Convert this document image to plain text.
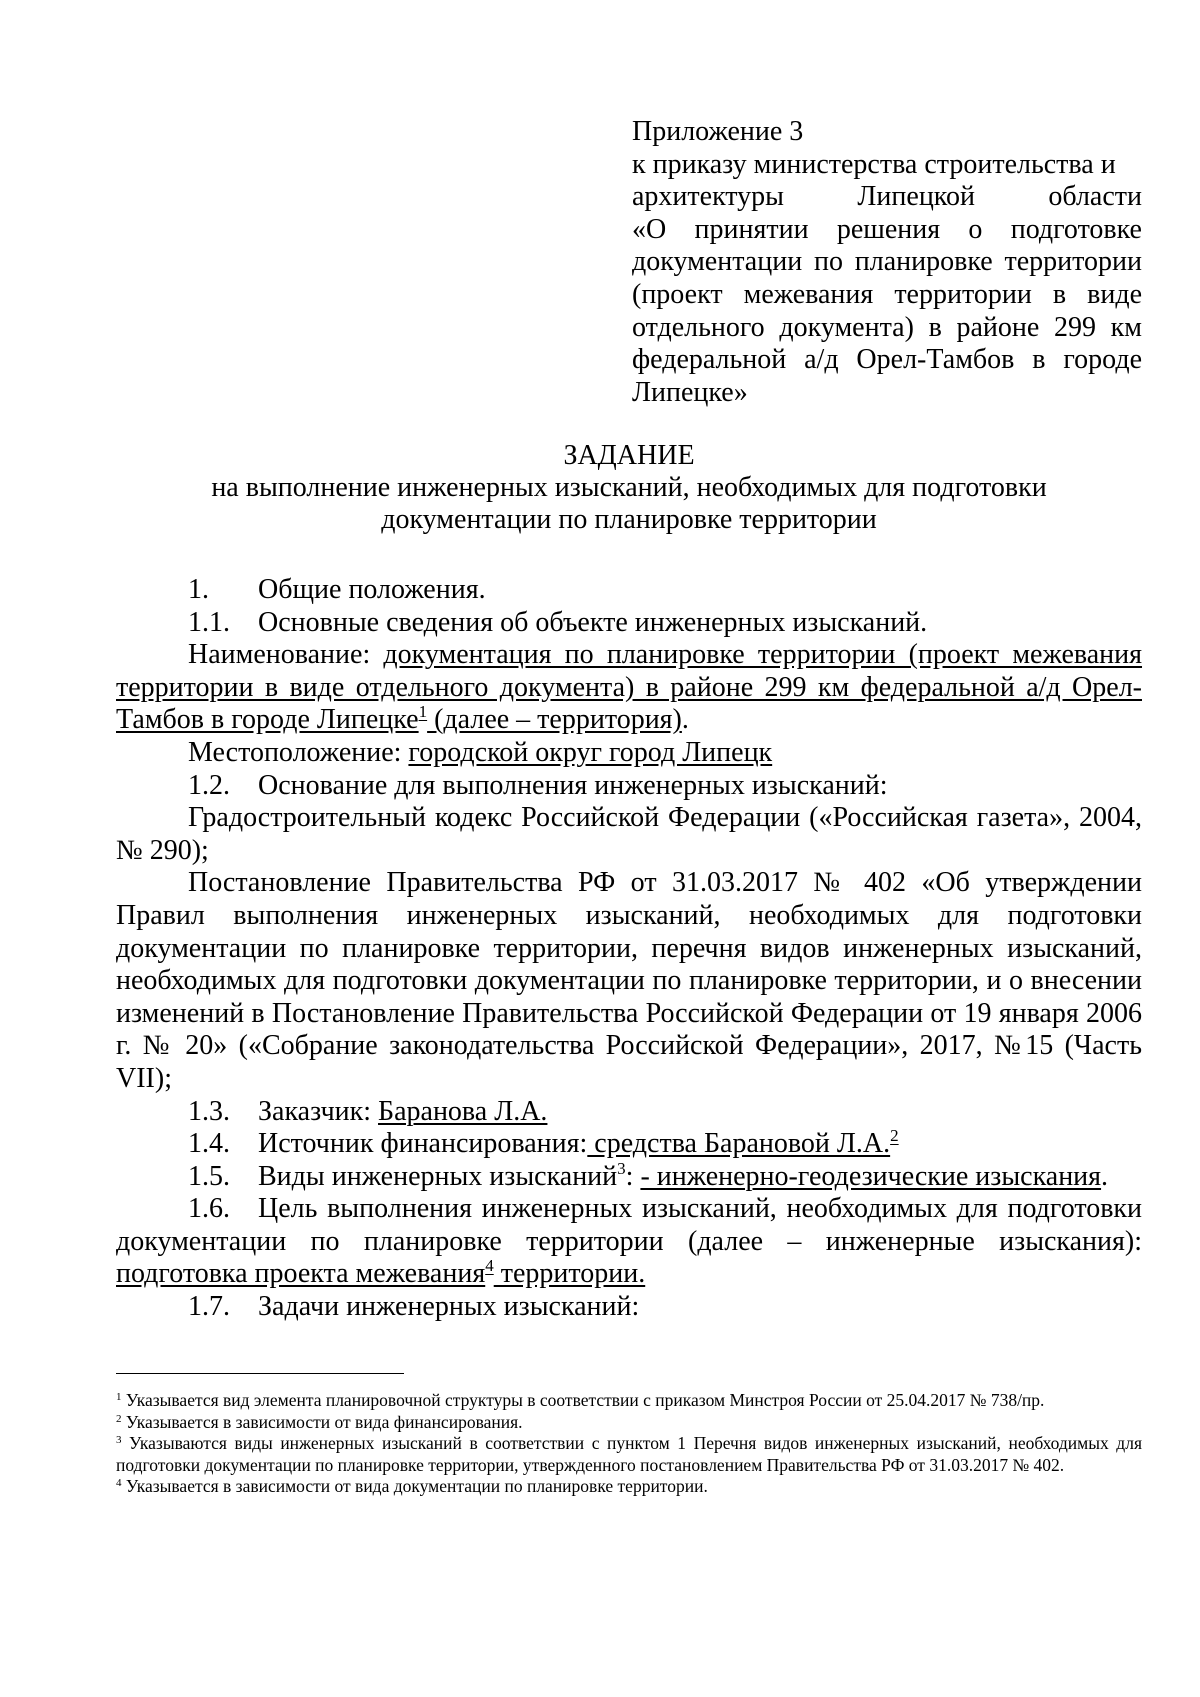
Приложение 3
к приказу министерства строительства и
архитектуры Липецкой области
«О принятии решения о подготовке
документации по планировке территории
(проект межевания территории в виде
отдельного документа) в районе 299 км
федеральной а/д Орел-Тамбов в городе
Липецке»
ЗАДАНИЕ
на выполнение инженерных изысканий, необходимых для подготовки
документации по планировке территории

1. Общие положения.

1.1. Основные сведения об объекте инженерных изысканий.

Наименование: документация по планировке территории (проект межевания территории в виде отдельного документа) в районе 299 км федеральной а/д Орел-Тамбов в городе Липецке$^1$ (далее – территория).

Местоположение: городской округ город Липецк

1.2. Основание для выполнения инженерных изысканий:

Градостроительный кодекс Российской Федерации («Российская газета», 2004, № 290);

Постановление Правительства РФ от 31.03.2017 № 402 «Об утверждении Правил выполнения инженерных изысканий, необходимых для подготовки документации по планировке территории, перечня видов инженерных изысканий, необходимых для подготовки документации по планировке территории, и о внесении изменений в Постановление Правительства Российской Федерации от 19 января 2006 г. № 20» («Собрание законодательства Российской Федерации», 2017, №15 (Часть VII);

1.3. Заказчик: Баранова Л.А.

1.4. Источник финансирования: средства Барановой Л.А.$^2$

1.5. Виды инженерных изысканий$^3$: - инженерно-геодезические изыскания.

1.6. Цель выполнения инженерных изысканий, необходимых для подготовки документации по планировке территории (далее – инженерные изыскания): подготовка проекта межевания$^4$ территории.

1.7. Задачи инженерных изысканий:

$^1$ Указывается вид элемента планировочной структуры в соответствии с приказом Минстроя России от 25.04.2017 № 738/пр.

$^2$ Указывается в зависимости от вида финансирования.

$^3$ Указываются виды инженерных изысканий в соответствии с пунктом 1 Перечня видов инженерных изысканий, необходимых для подготовки документации по планировке территории, утвержденного постановлением Правительства РФ от 31.03.2017 № 402.

$^4$ Указывается в зависимости от вида документации по планировке территории.
